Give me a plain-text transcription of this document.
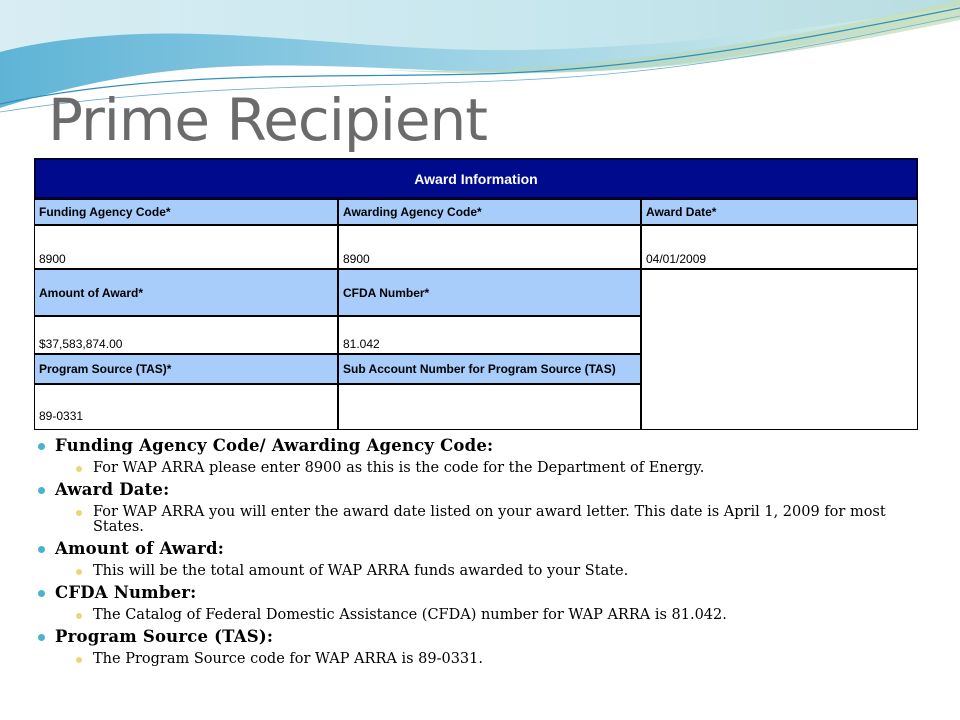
Prime Recipient
Award Information
Funding Agency Code*	Awarding Agency Code*	Award Date*
8900	8900	04/01/2009
Amount of Award*	CFDA Number*
$37,583,874.00	81.042
Program Source (TAS)*	Sub Account Number for Program Source (TAS)
89-0331
Funding Agency Code/ Awarding Agency Code:
For WAP ARRA please enter 8900 as this is the code for the Department of Energy.
Award Date:
For WAP ARRA you will enter the award date listed on your award letter. This date is April 1, 2009 for most States.
Amount of Award:
This will be the total amount of WAP ARRA funds awarded to your State.
CFDA Number:
The Catalog of Federal Domestic Assistance (CFDA) number for WAP ARRA is 81.042.
Program Source (TAS):
The Program Source code for WAP ARRA is 89-0331.
